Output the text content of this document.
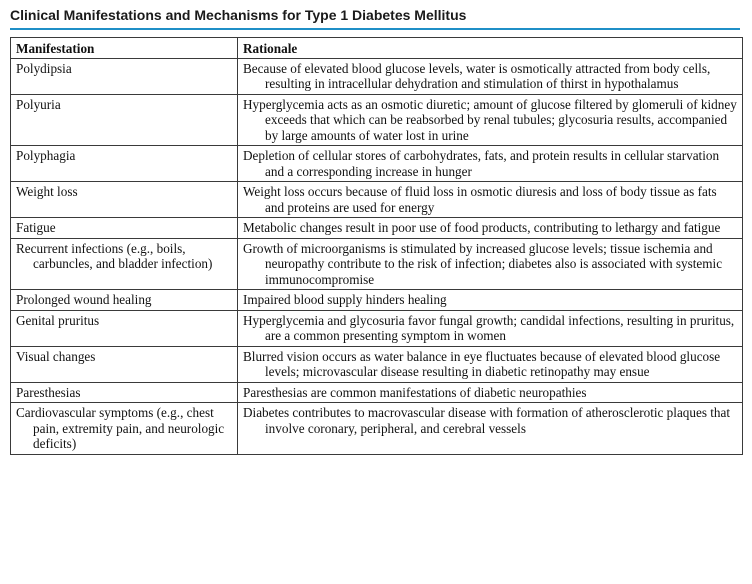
Clinical Manifestations and Mechanisms for Type 1 Diabetes Mellitus
Manifestation	Rationale

Polydipsia	Because of elevated blood glucose levels, water is osmotically attracted from body cells, resulting in intracellular dehydration and stimulation of thirst in hypothalamus

Polyuria	Hyperglycemia acts as an osmotic diuretic; amount of glucose filtered by glomeruli of kidney exceeds that which can be reabsorbed by renal tubules; glycosuria results, accompanied by large amounts of water lost in urine

Polyphagia	Depletion of cellular stores of carbohydrates, fats, and protein results in cellular starvation and a corresponding increase in hunger

Weight loss	Weight loss occurs because of fluid loss in osmotic diuresis and loss of body tissue as fats and proteins are used for energy

Fatigue	Metabolic changes result in poor use of food products, contributing to lethargy and fatigue

Recurrent infections (e.g., boils, carbuncles, and bladder infection)	Growth of microorganisms is stimulated by increased glucose levels; tissue ischemia and neuropathy contribute to the risk of infection; diabetes also is associated with systemic immunocompromise

Prolonged wound healing	Impaired blood supply hinders healing

Genital pruritus	Hyperglycemia and glycosuria favor fungal growth; candidal infections, resulting in pruritus, are a common presenting symptom in women

Visual changes	Blurred vision occurs as water balance in eye fluctuates because of elevated blood glucose levels; microvascular disease resulting in diabetic retinopathy may ensue

Paresthesias	Paresthesias are common manifestations of diabetic neuropathies

Cardiovascular symptoms (e.g., chest pain, extremity pain, and neurologic deficits)	Diabetes contributes to macrovascular disease with formation of atherosclerotic plaques that involve coronary, peripheral, and cerebral vessels
